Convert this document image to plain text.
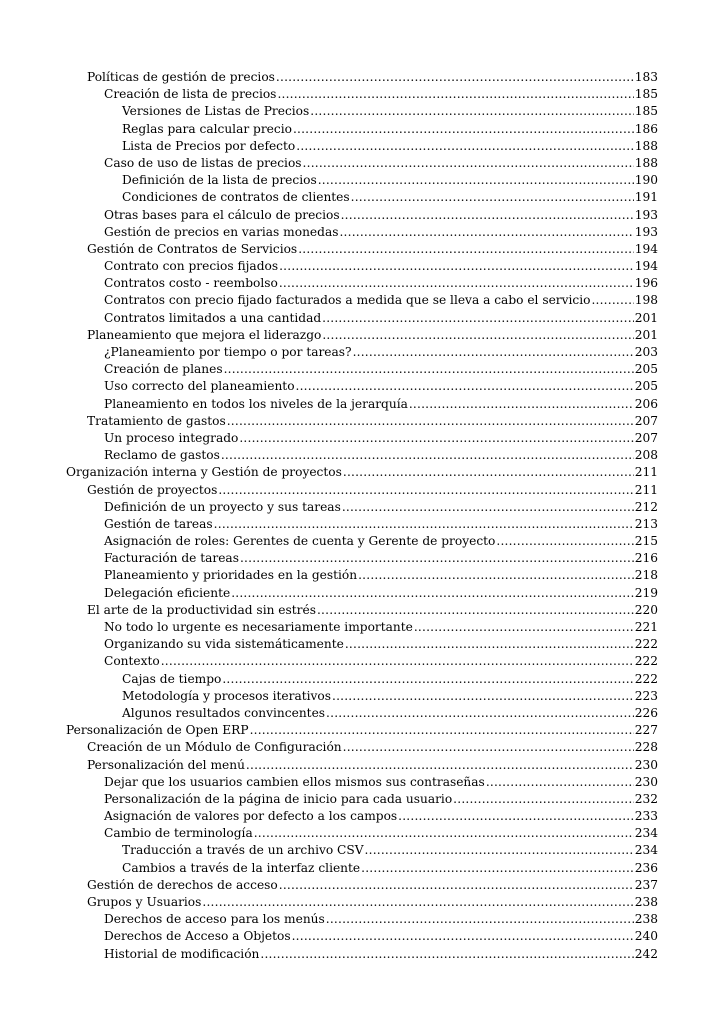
Políticas de gestión de precios .....	183
Creación de lista de precios .....	185
Versiones de Listas de Precios .....	185
Reglas para calcular precio .....	186
Lista de Precios por defecto .....	188
Caso de uso de listas de precios .....	188
Definición de la lista de precios .....	190
Condiciones de contratos de clientes .....	191
Otras bases para el cálculo de precios .....	193
Gestión de precios en varias monedas .....	193
Gestión de Contratos de Servicios .....	194
Contrato con precios fijados .....	194
Contratos costo - reembolso .....	196
Contratos con precio fijado facturados a medida que se lleva a cabo el servicio .....	198
Contratos limitados a una cantidad .....	201
Planeamiento que mejora el liderazgo .....	201
¿Planeamiento por tiempo o por tareas? .....	203
Creación de planes .....	205
Uso correcto del planeamiento .....	205
Planeamiento en todos los niveles de la jerarquía .....	206
Tratamiento de gastos .....	207
Un proceso integrado .....	207
Reclamo de gastos .....	208
Organización interna y Gestión de proyectos .....	211
Gestión de proyectos .....	211
Definición de un proyecto y sus tareas .....	212
Gestión de tareas .....	213
Asignación de roles: Gerentes de cuenta y Gerente de proyecto .....	215
Facturación de tareas .....	216
Planeamiento y prioridades en la gestión .....	218
Delegación eficiente .....	219
El arte de la productividad sin estrés .....	220
No todo lo urgente es necesariamente importante .....	221
Organizando su vida sistemáticamente .....	222
Contexto .....	222
Cajas de tiempo .....	222
Metodología y procesos iterativos .....	223
Algunos resultados convincentes .....	226
Personalización de Open ERP .....	227
Creación de un Módulo de Configuración .....	228
Personalización del menú .....	230
Dejar que los usuarios cambien ellos mismos sus contraseñas .....	230
Personalización de la página de inicio para cada usuario .....	232
Asignación de valores por defecto a los campos .....	233
Cambio de terminología .....	234
Traducción a través de un archivo CSV .....	234
Cambios a través de la interfaz cliente .....	236
Gestión de derechos de acceso .....	237
Grupos y Usuarios .....	238
Derechos de acceso para los menús .....	238
Derechos de Acceso a Objetos .....	240
Historial de modificación .....	242
